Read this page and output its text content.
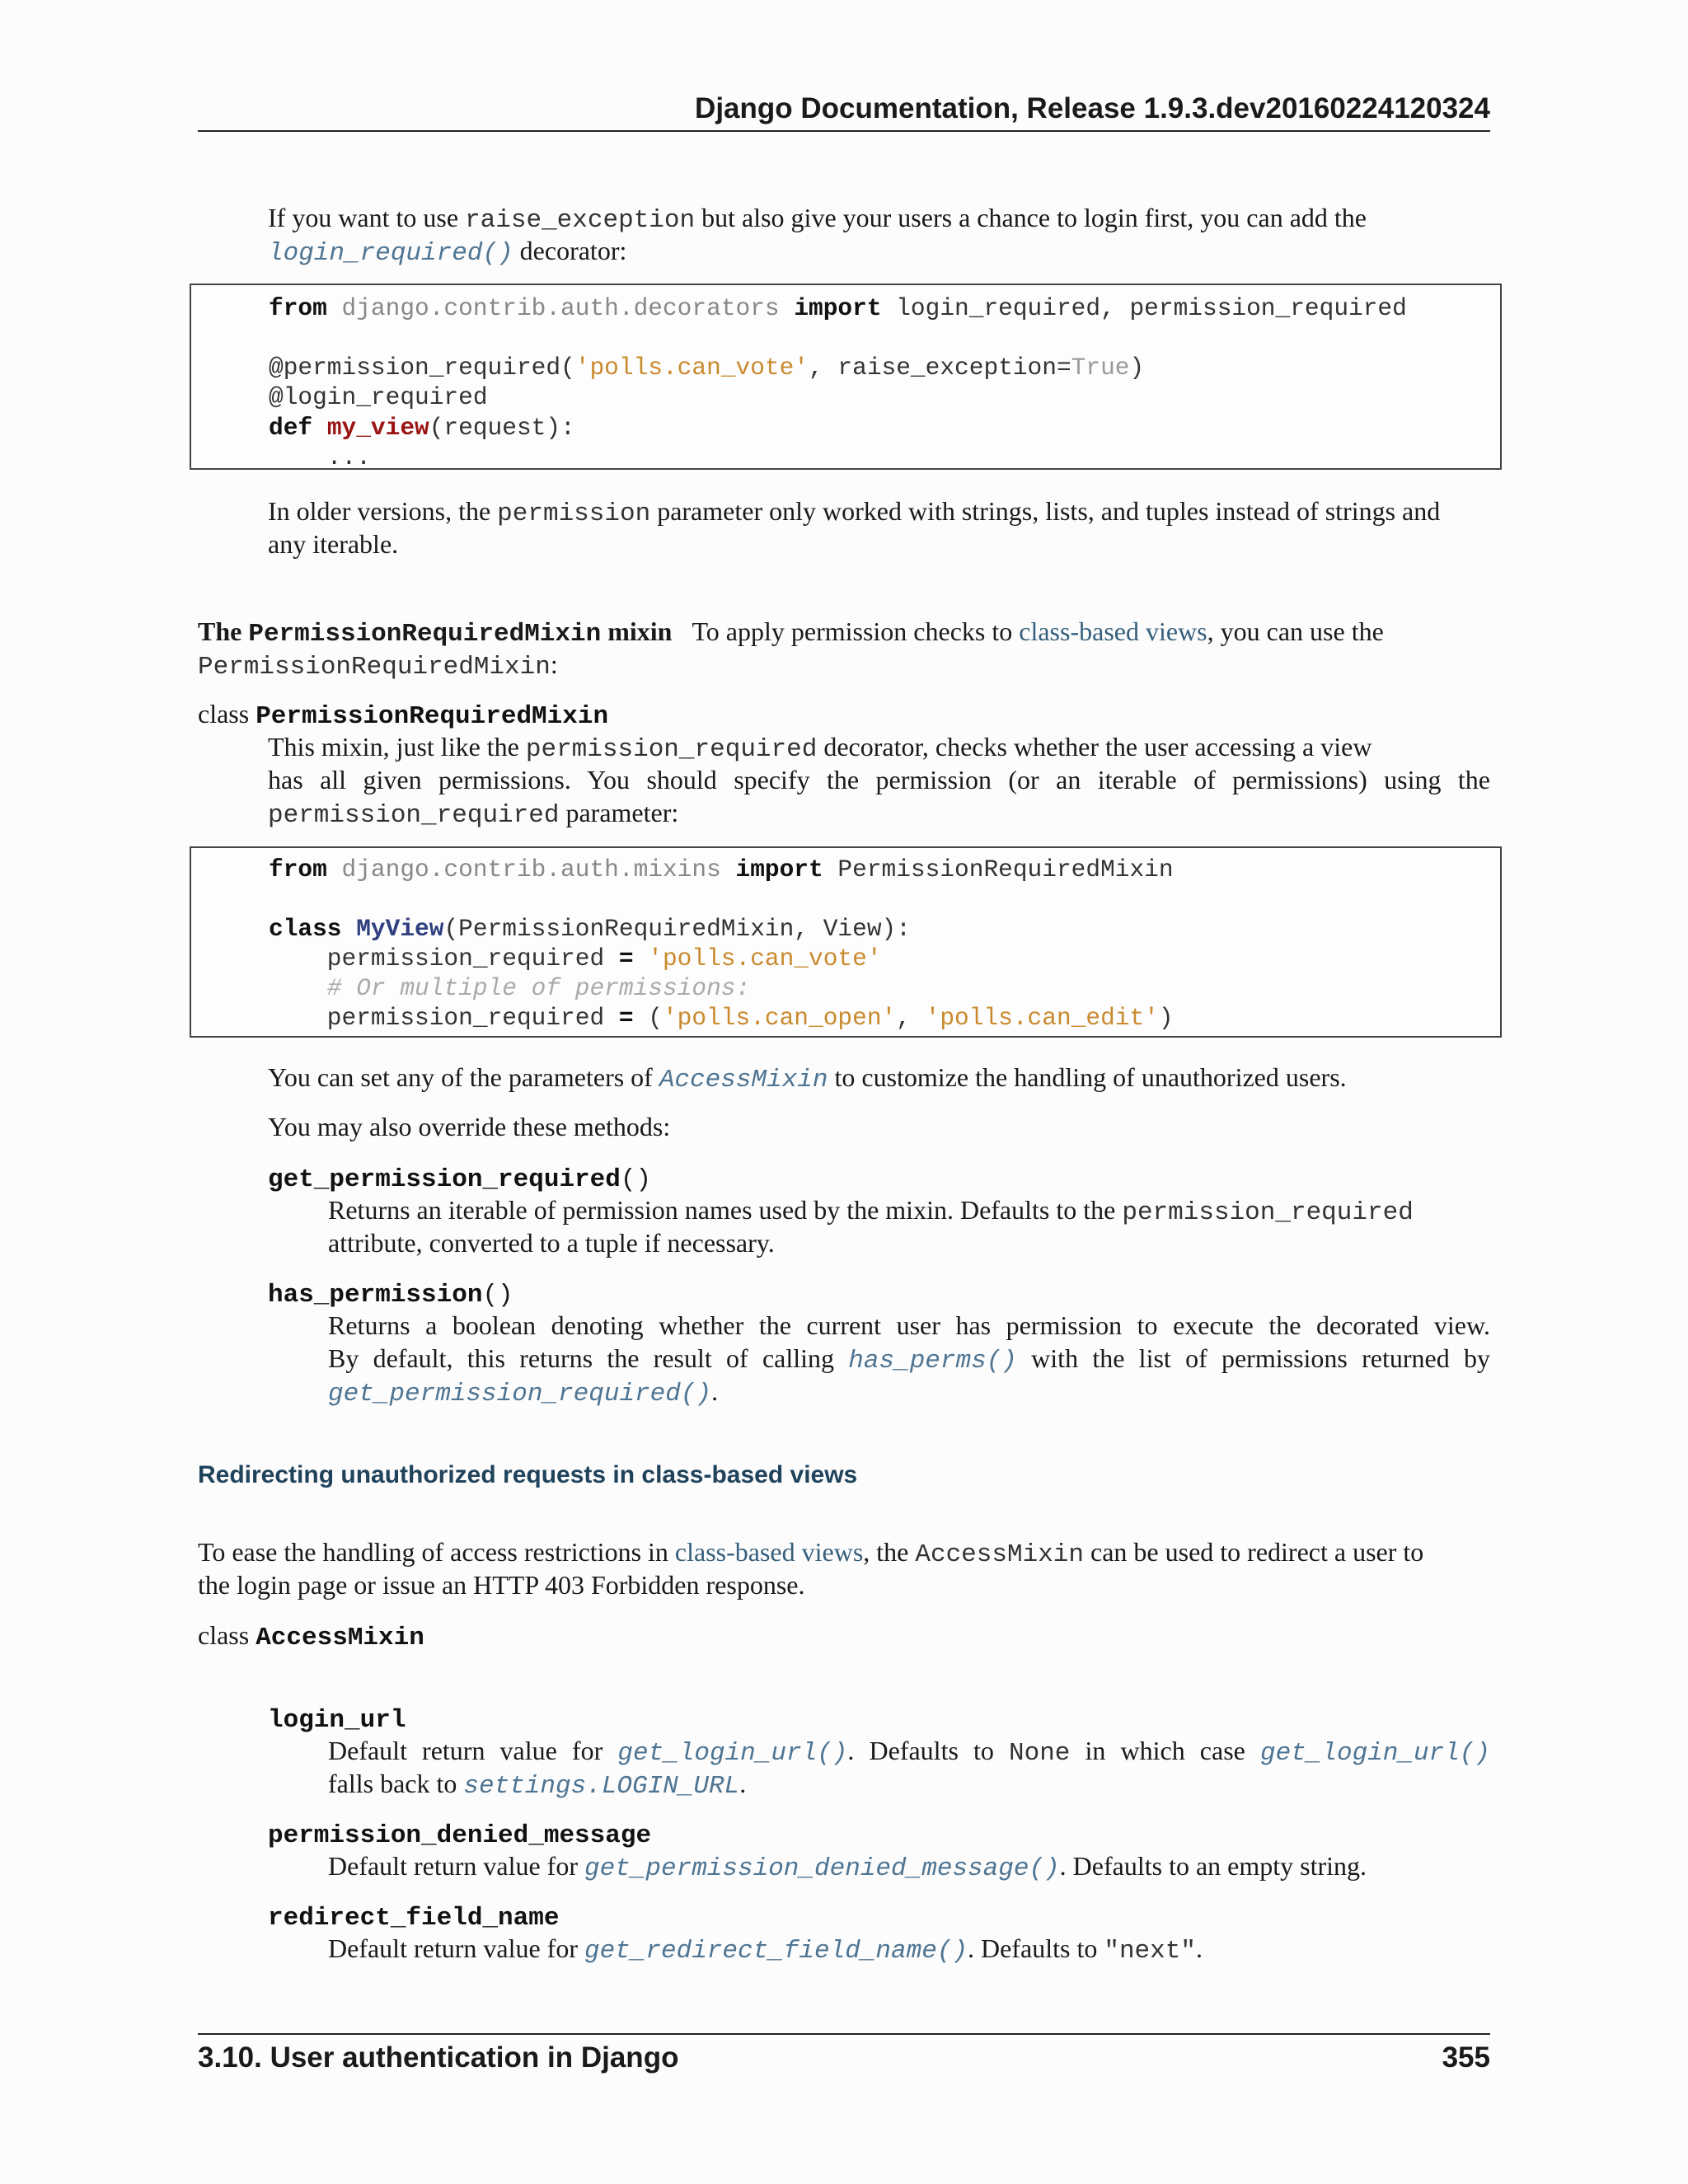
Django Documentation, Release 1.9.3.dev20160224120324
If you want to use raise_exception but also give your users a chance to login first, you can add the
login_required() decorator:
from django.contrib.auth.decorators import login_required, permission_required
@permission_required('polls.can_vote', raise_exception=True)
@login_required
def my_view(request):
...
In older versions, the permission parameter only worked with strings, lists, and tuples instead of strings and
any iterable.
The PermissionRequiredMixin mixin To apply permission checks to class-based views, you can use the
PermissionRequiredMixin:
class PermissionRequiredMixin
This mixin, just like the permission_required decorator, checks whether the user accessing a view
has all given permissions. You should specify the permission (or an iterable of permissions) using the
permission_required parameter:
from django.contrib.auth.mixins import PermissionRequiredMixin
class MyView(PermissionRequiredMixin, View):
permission_required = 'polls.can_vote'
# Or multiple of permissions:
permission_required = ('polls.can_open', 'polls.can_edit')
You can set any of the parameters of AccessMixin to customize the handling of unauthorized users.
You may also override these methods:
get_permission_required()
Returns an iterable of permission names used by the mixin. Defaults to the permission_required
attribute, converted to a tuple if necessary.
has_permission()
Returns a boolean denoting whether the current user has permission to execute the decorated view.
By default, this returns the result of calling has_perms() with the list of permissions returned by
get_permission_required().
Redirecting unauthorized requests in class-based views
To ease the handling of access restrictions in class-based views, the AccessMixin can be used to redirect a user to
the login page or issue an HTTP 403 Forbidden response.
class AccessMixin
login_url
Default return value for get_login_url(). Defaults to None in which case get_login_url()
falls back to settings.LOGIN_URL.
permission_denied_message
Default return value for get_permission_denied_message(). Defaults to an empty string.
redirect_field_name
Default return value for get_redirect_field_name(). Defaults to "next".
3.10. User authentication in Django	355
